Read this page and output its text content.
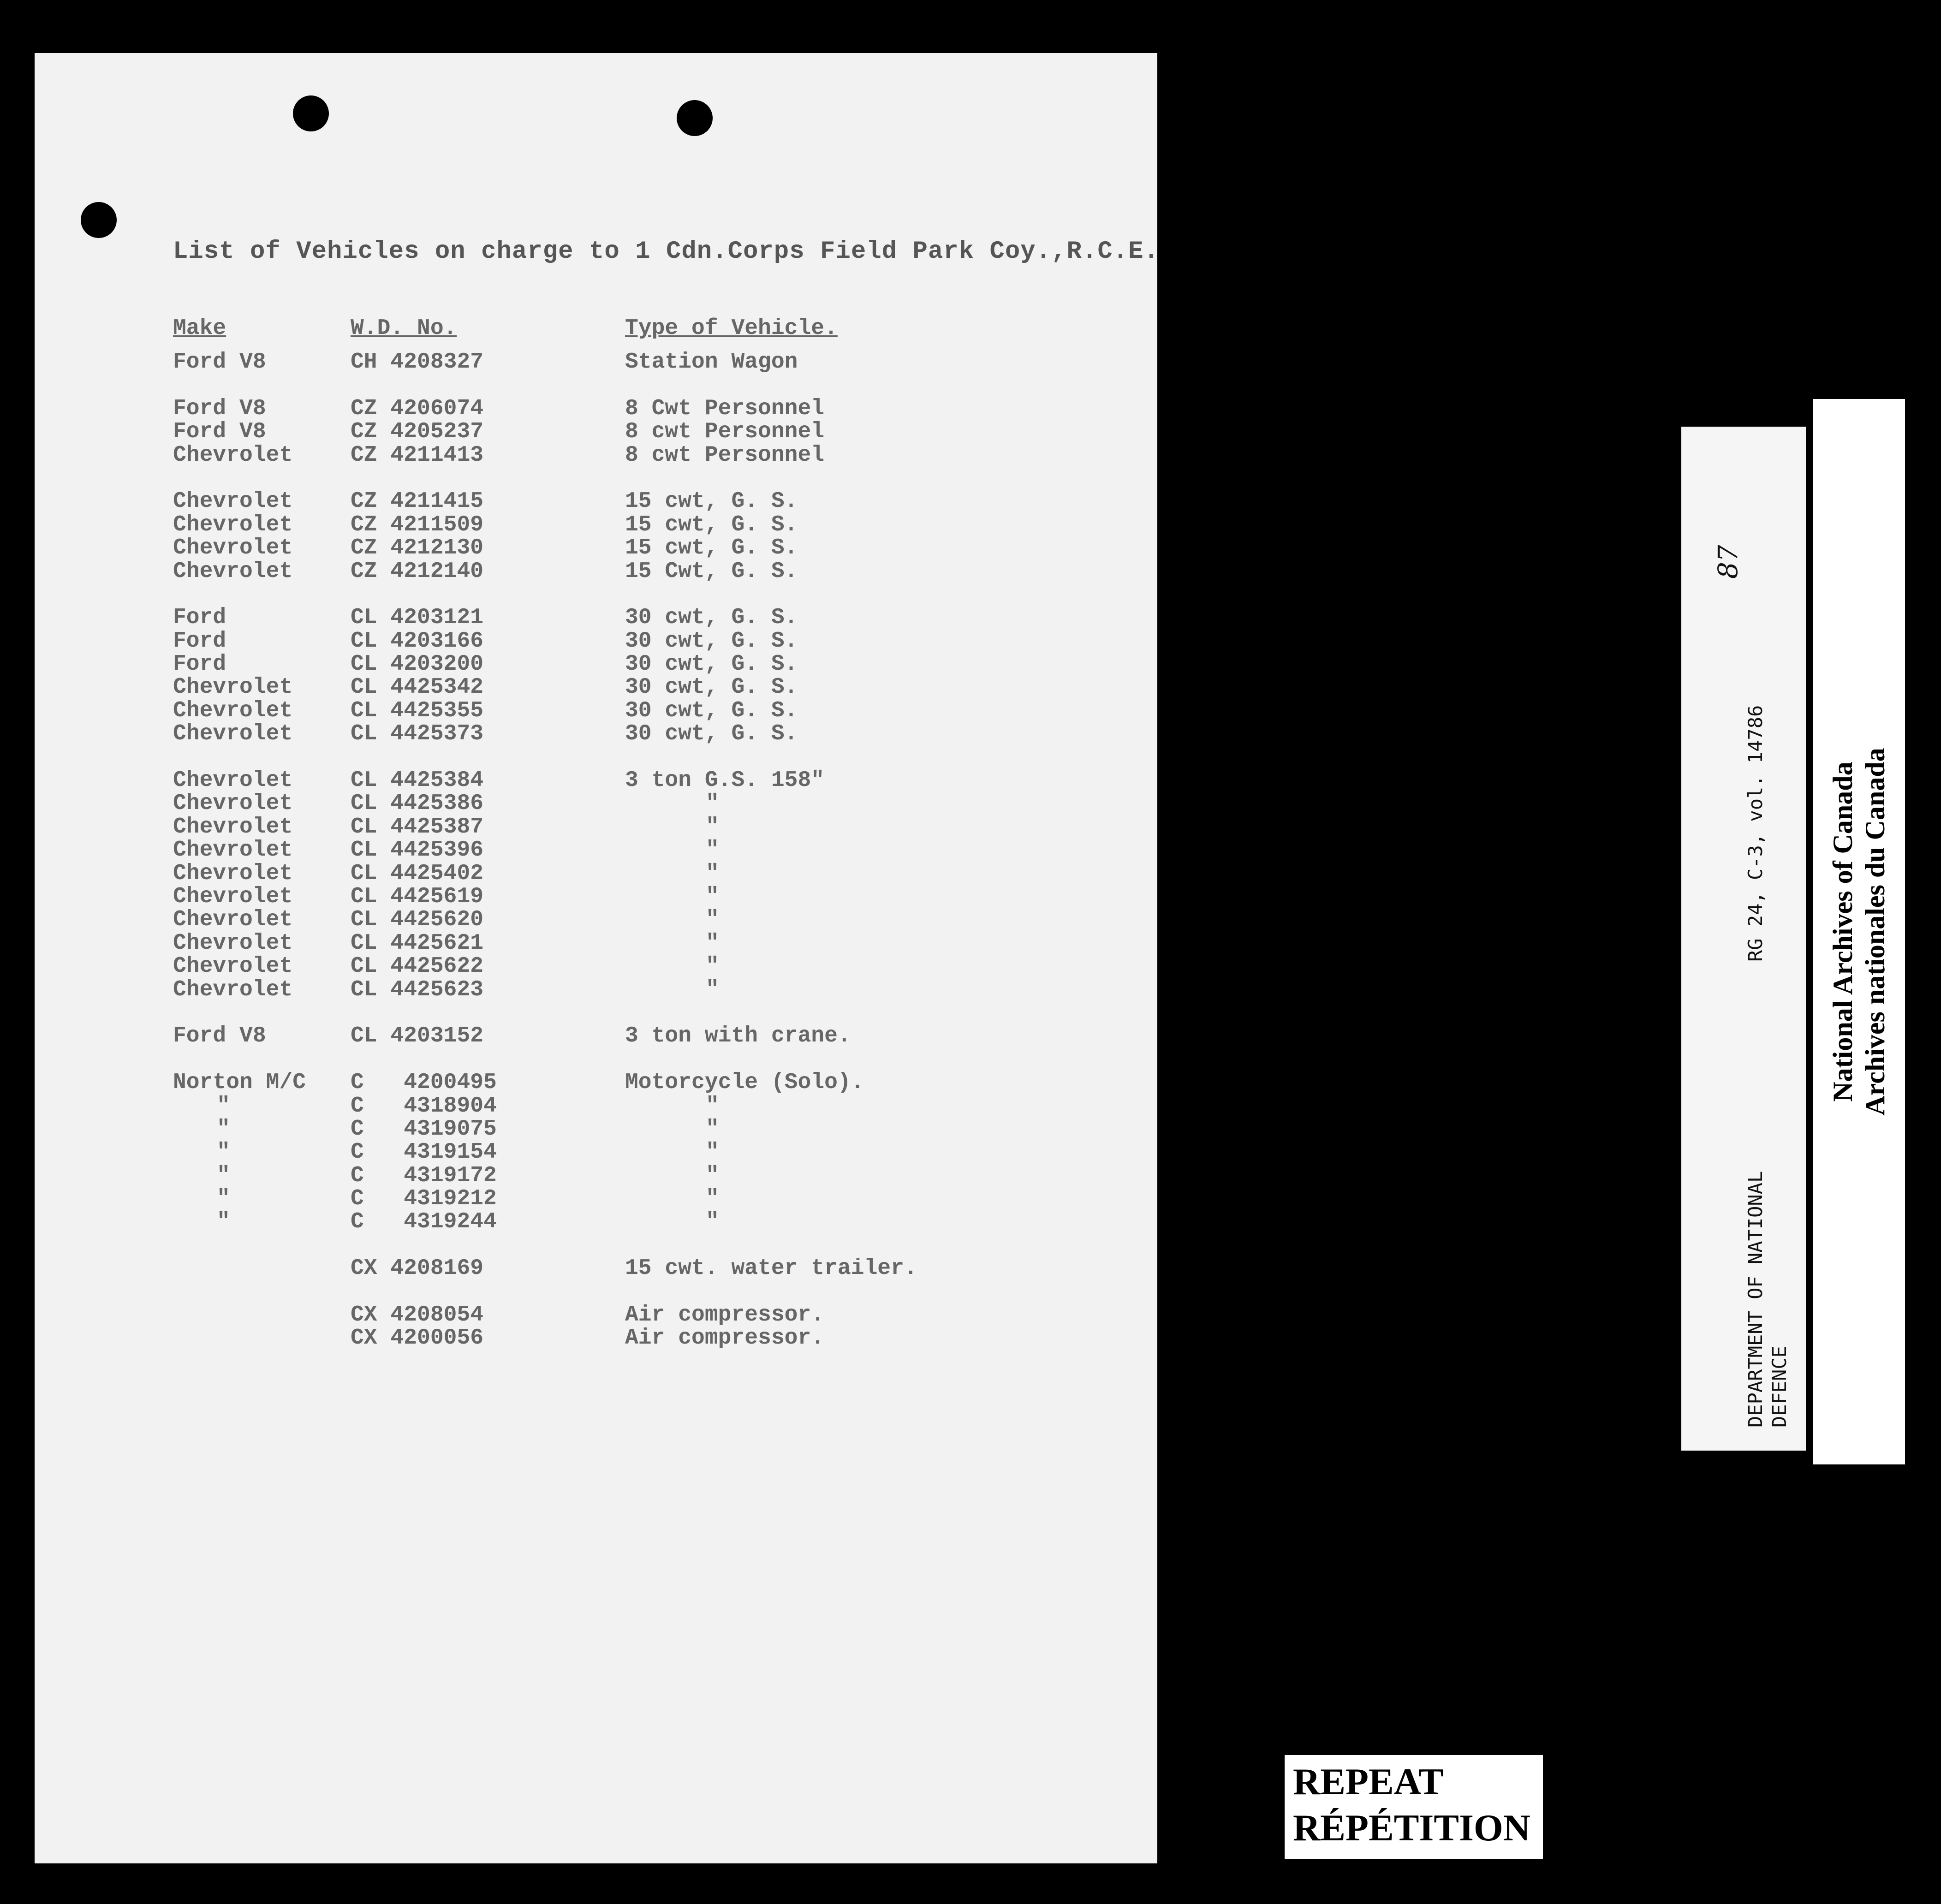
List of Vehicles on charge to 1 Cdn.Corps Field Park Coy.,R.C.E.
Make
Ford V8
Ford V8
Ford V8
Chevrolet
Chevrolet
Chevrolet
Chevrolet
Chevrolet
Ford
Ford
Ford
Chevrolet
Chevrolet
Chevrolet
Chevrolet
Chevrolet
Chevrolet
Chevrolet
Chevrolet
Chevrolet
Chevrolet
Chevrolet
Chevrolet
Chevrolet
Ford V8
Norton M/C
"
"
"
"
"
"
W.D. No.
CH 4208327
CZ 4206074
CZ 4205237
CZ 4211413
CZ 4211415
CZ 4211509
CZ 4212130
CZ 4212140
CL 4203121
CL 4203166
CL 4203200
CL 4425342
CL 4425355
CL 4425373
CL 4425384
CL 4425386
CL 4425387
CL 4425396
CL 4425402
CL 4425619
CL 4425620
CL 4425621
CL 4425622
CL 4425623
CL 4203152
C   4200495
C   4318904
C   4319075
C   4319154
C   4319172
C   4319212
C   4319244
CX 4208169
CX 4208054
CX 4200056
Type of Vehicle.
Station Wagon
8 Cwt Personnel
8 cwt Personnel
8 cwt Personnel
15 cwt, G. S.
15 cwt, G. S.
15 cwt, G. S.
15 Cwt, G. S.
30 cwt, G. S.
30 cwt, G. S.
30 cwt, G. S.
30 cwt, G. S.
30 cwt, G. S.
30 cwt, G. S.
3 ton G.S. 158"
"
"
"
"
"
"
"
"
"
3 ton with crane.
Motorcycle (Solo).
"
"
"
"
"
"
15 cwt. water trailer.
Air compressor.
Air compressor.

	DEPARTMENT OF NATIONAL
DEFENCE

RG 24, C-3, vol. 14786

87
National Archives of Canada Archives nationales du Canada
REPEAT
RÉPÉTITION
